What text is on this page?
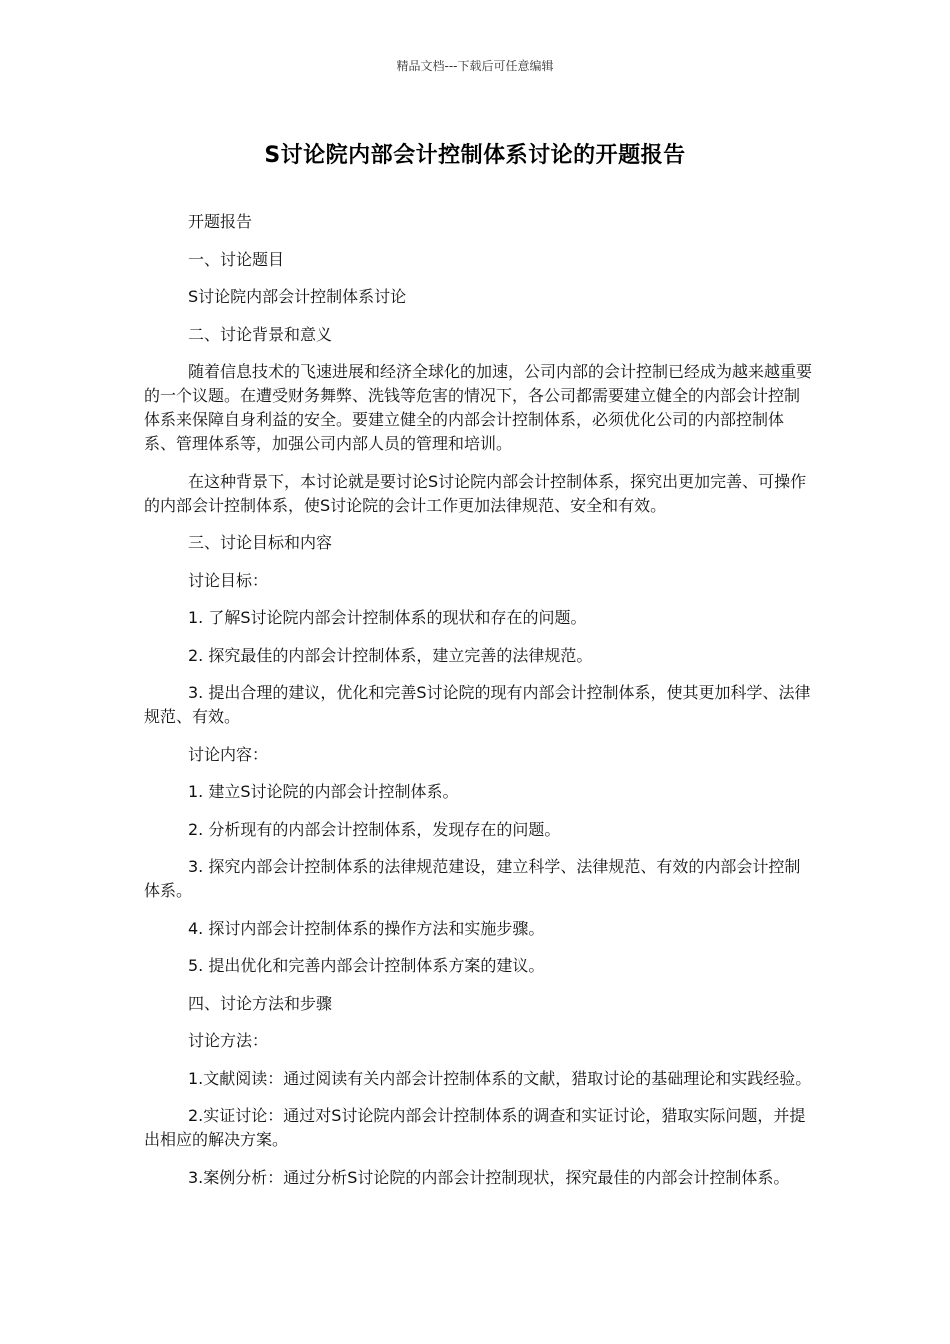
精品文档---下载后可任意编辑
S讨论院内部会计控制体系讨论的开题报告

开题报告

一、讨论题目

S讨论院内部会计控制体系讨论

二、讨论背景和意义

随着信息技术的飞速进展和经济全球化的加速，公司内部的会计控制已经成为越来越重要的一个议题。在遭受财务舞弊、洗钱等危害的情况下，各公司都需要建立健全的内部会计控制体系来保障自身利益的安全。要建立健全的内部会计控制体系，必须优化公司的内部控制体系、管理体系等，加强公司内部人员的管理和培训。

在这种背景下，本讨论就是要讨论S讨论院内部会计控制体系，探究出更加完善、可操作的内部会计控制体系，使S讨论院的会计工作更加法律规范、安全和有效。

三、讨论目标和内容

讨论目标：

1. 了解S讨论院内部会计控制体系的现状和存在的问题。

2. 探究最佳的内部会计控制体系，建立完善的法律规范。

3. 提出合理的建议，优化和完善S讨论院的现有内部会计控制体系，使其更加科学、法律规范、有效。

讨论内容：

1. 建立S讨论院的内部会计控制体系。

2. 分析现有的内部会计控制体系，发现存在的问题。

3. 探究内部会计控制体系的法律规范建设，建立科学、法律规范、有效的内部会计控制体系。

4. 探讨内部会计控制体系的操作方法和实施步骤。

5. 提出优化和完善内部会计控制体系方案的建议。

四、讨论方法和步骤

讨论方法：

1.文献阅读：通过阅读有关内部会计控制体系的文献，猎取讨论的基础理论和实践经验。

2.实证讨论：通过对S讨论院内部会计控制体系的调查和实证讨论，猎取实际问题，并提出相应的解决方案。

3.案例分析：通过分析S讨论院的内部会计控制现状，探究最佳的内部会计控制体系。
